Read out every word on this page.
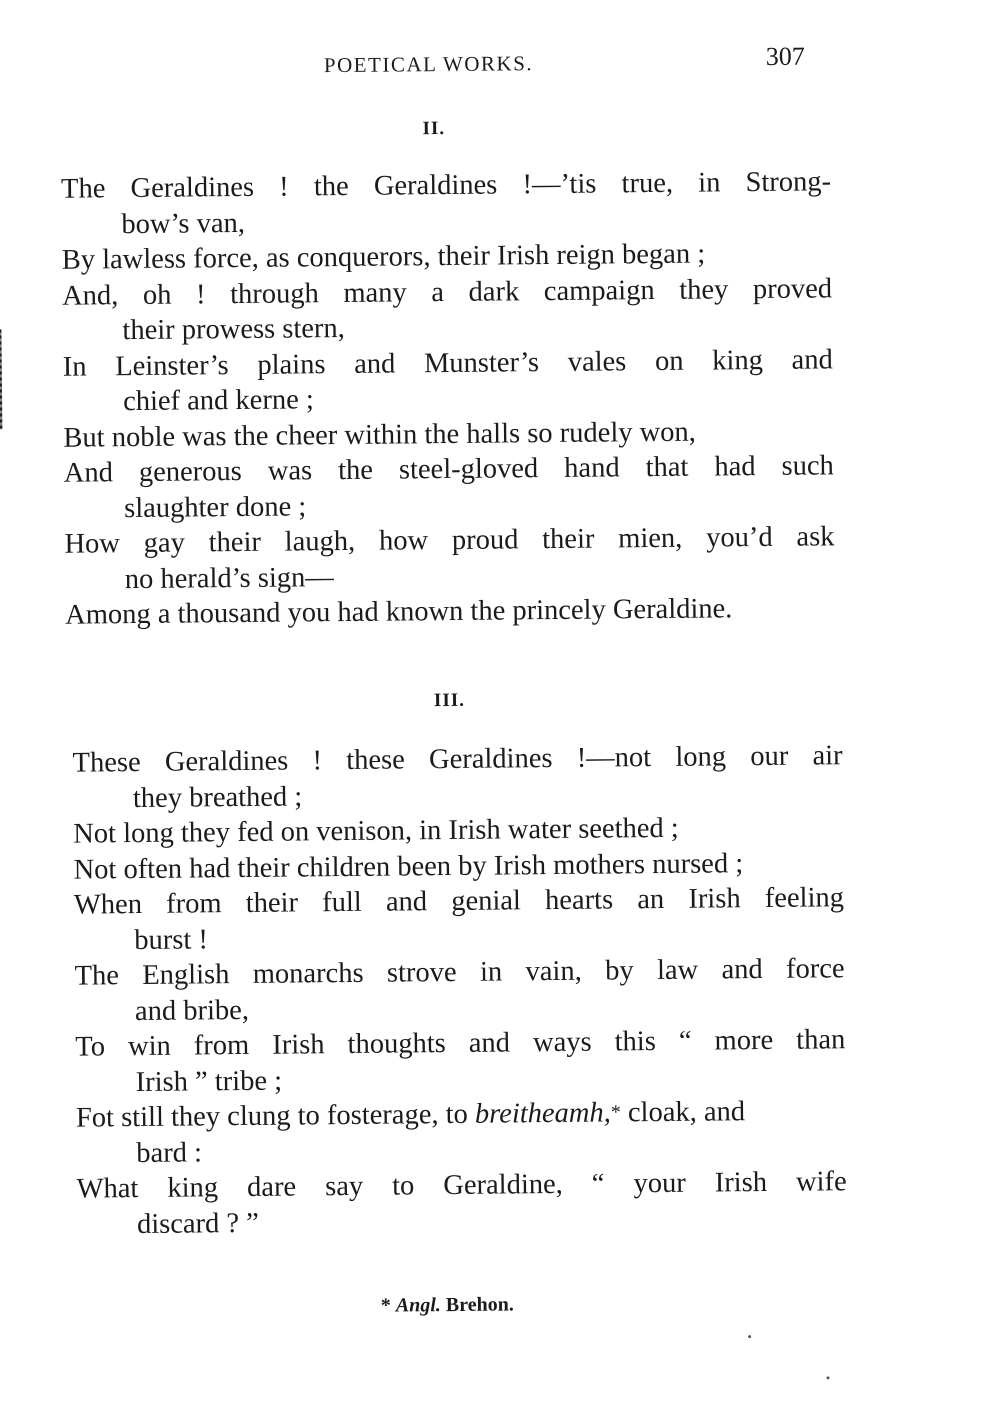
POETICAL WORKS.	307
II.
The Geraldines ! the Geraldines !—’tis true, in Strong-
bow’s van,
By lawless force, as conquerors, their Irish reign began ;
And, oh ! through many a dark campaign they proved
their prowess stern,
In Leinster’s plains and Munster’s vales on king and
chief and kerne ;
But noble was the cheer within the halls so rudely won,
And generous was the steel-gloved hand that had such
slaughter done ;
How gay their laugh, how proud their mien, you’d ask
no herald’s sign—
Among a thousand you had known the princely Geraldine.
III.
These Geraldines ! these Geraldines !—not long our air
they breathed ;
Not long they fed on venison, in Irish water seethed ;
Not often had their children been by Irish mothers nursed ;
When from their full and genial hearts an Irish feeling
burst !
The English monarchs strove in vain, by law and force
and bribe,
To win from Irish thoughts and ways this “ more than
Irish ” tribe ;
Fot still they clung to fosterage, to breitheamh,* cloak, and
bard :
What king dare say to Geraldine, “ your Irish wife
discard ? ”
* Angl. Brehon.
